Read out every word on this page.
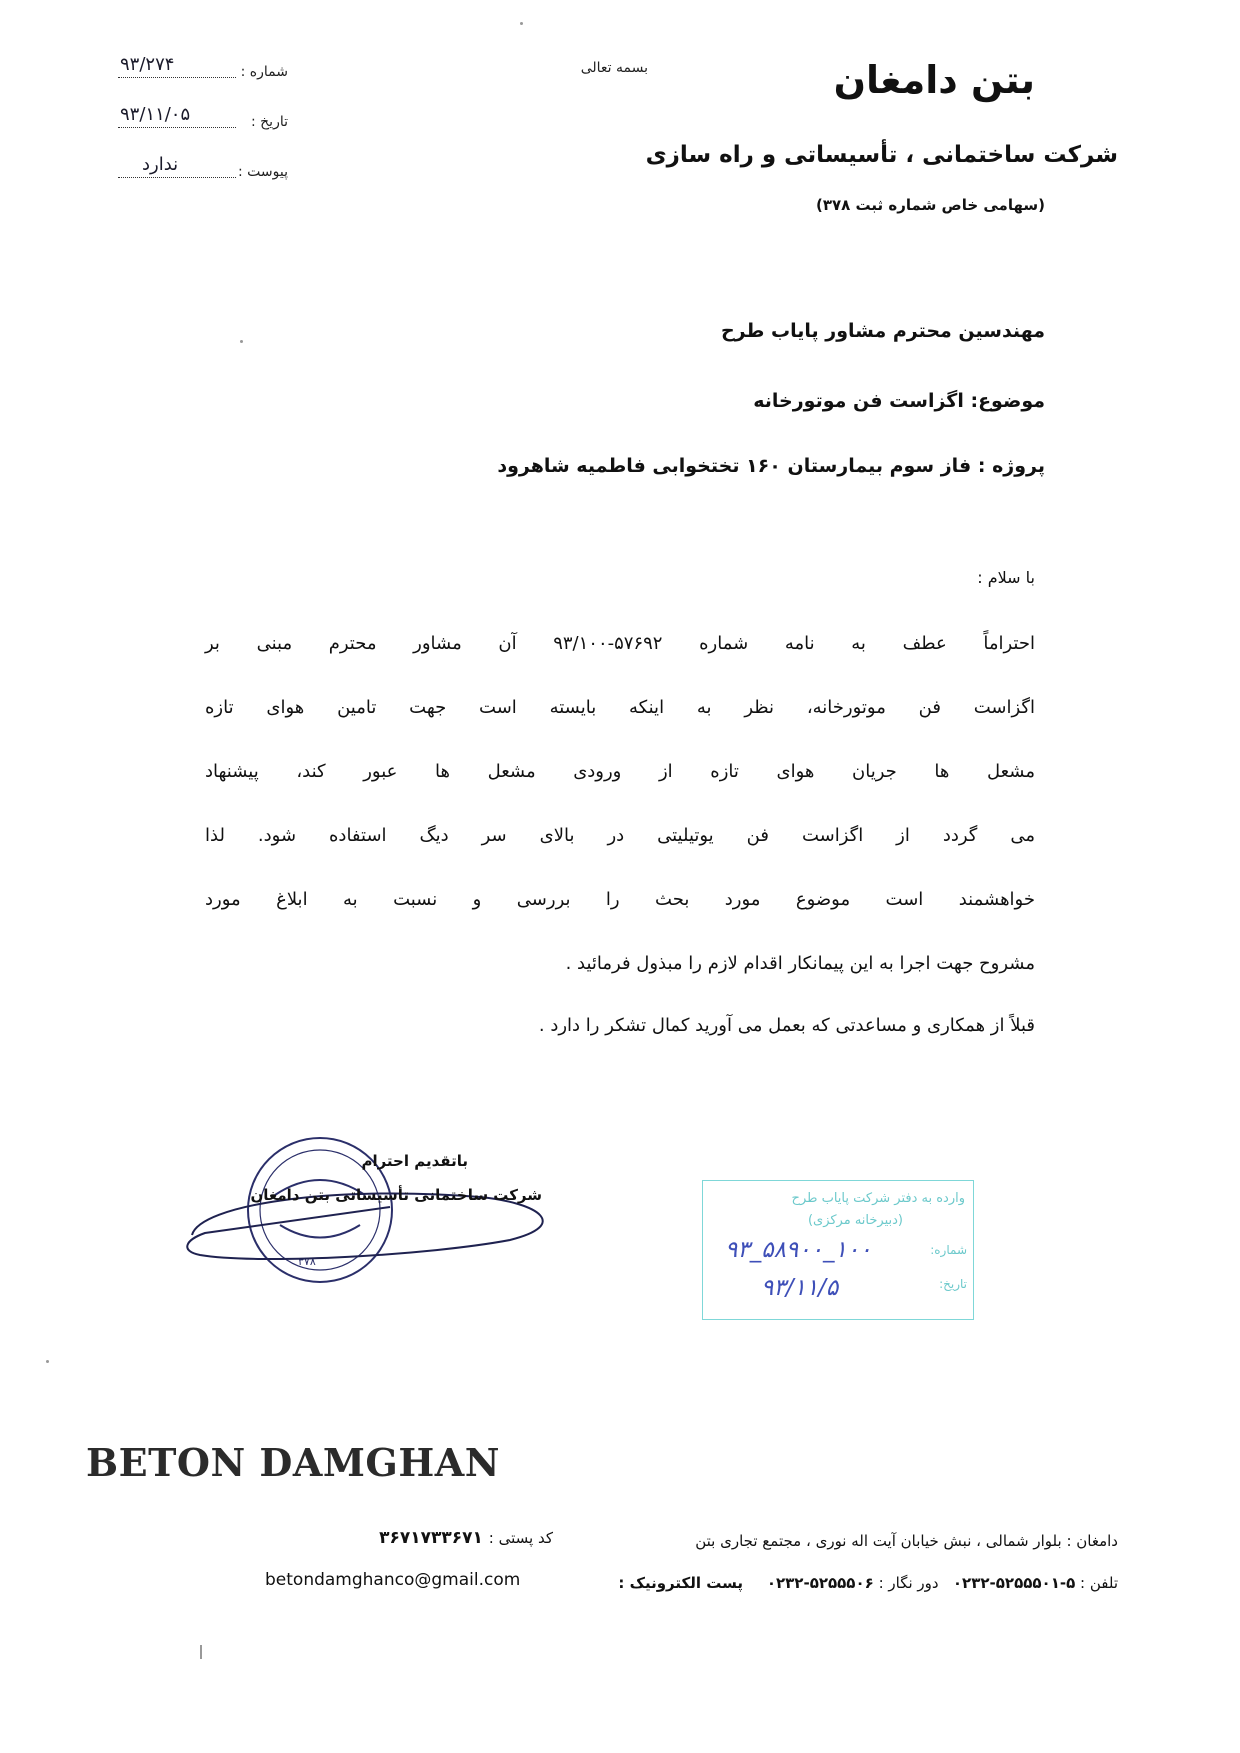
شماره :
۹۳/۲۷۴
تاریخ :
۹۳/۱۱/۰۵
پیوست :
ندارد
بسمه تعالی	بتن دامغان
شرکت ساختمانی ، تأسیساتی و راه سازی
(سهامی خاص شماره ثبت ۳۷۸)
مهندسین محترم مشاور پایاب طرح
موضوع: اگزاست فن موتورخانه
پروژه : فاز سوم بیمارستان ۱۶۰ تختخوابی فاطمیه شاهرود
با سلام :
احتراماً عطف به نامه شماره ۵۷۶۹۲-۹۳/۱۰۰ آن مشاور محترم مبنی بر
اگزاست فن موتورخانه، نظر به اینکه بایسته است جهت تامین هوای تازه
مشعل ها جریان هوای تازه از ورودی مشعل ها عبور کند، پیشنهاد
می گردد از اگزاست فن یوتیلیتی در بالای سر دیگ استفاده شود. لذا
خواهشمند است موضوع مورد بحث را بررسی و نسبت به ابلاغ مورد
مشروح جهت اجرا به این پیمانکار اقدام لازم را مبذول فرمائید .
قبلاً از همکاری و مساعدتی که بعمل می آورید کمال تشکر را دارد .
۳۷۸
باتقدیم احترام
شرکت ساختمانی تأسیساتی بتن دامغان	وارده به دفتر شرکت پایاب طرح
(دبیرخانه مرکزی)
شماره:
تاریخ:
۱۰۰_۵۸۹۰۰_۹۳
۹۳/۱۱/۵
BETON DAMGHAN
دامغان : بلوار شمالی ، نبش خیابان آیت اله نوری ، مجتمع تجاری بتن
کد پستی : ۳۶۷۱۷۳۳۶۷۱
تلفن : ۵-۵۲۵۵۵۰۱-۰۲۳۲   دور نگار : ۵۲۵۵۵۰۶-۰۲۳۲     پست الکترونیک :
betondamghanco@gmail.com
